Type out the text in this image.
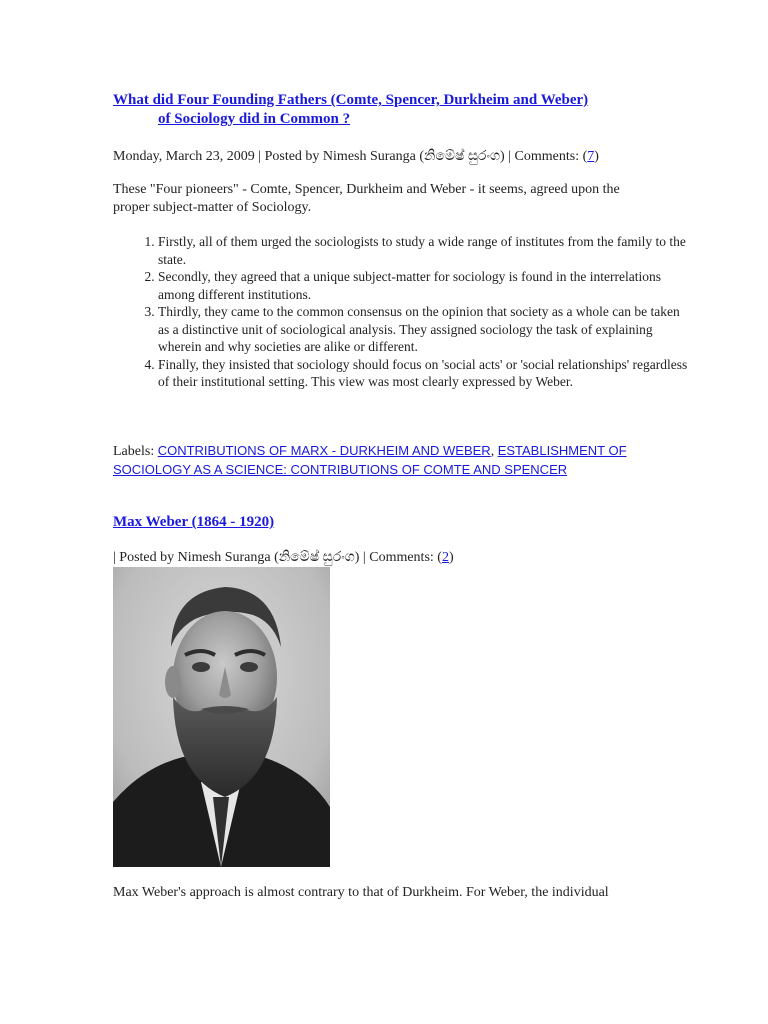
What did Four Founding Fathers (Comte, Spencer, Durkheim and Weber)
of Sociology did in Common ?
Monday, March 23, 2009 | Posted by Nimesh Suranga (නිමේෂ් සුරංග) | Comments: (7)
These "Four pioneers" - Comte, Spencer, Durkheim and Weber - it seems, agreed upon the proper subject-matter of Sociology.
1. Firstly, all of them urged the sociologists to study a wide range of institutes from the family to the state.
2. Secondly, they agreed that a unique subject-matter for sociology is found in the interrelations among different institutions.
3. Thirdly, they came to the common consensus on the opinion that society as a whole can be taken as a distinctive unit of sociological analysis. They assigned sociology the task of explaining wherein and why societies are alike or different.
4. Finally, they insisted that sociology should focus on 'social acts' or 'social relationships' regardless of their institutional setting. This view was most clearly expressed by Weber.
Labels: CONTRIBUTIONS OF MARX - DURKHEIM AND WEBER, ESTABLISHMENT OF SOCIOLOGY AS A SCIENCE: CONTRIBUTIONS OF COMTE AND SPENCER
Max Weber (1864 - 1920)
| Posted by Nimesh Suranga (නිමේෂ් සුරංග) | Comments: (2)
Max Weber's approach is almost contrary to that of Durkheim. For Weber, the individual
